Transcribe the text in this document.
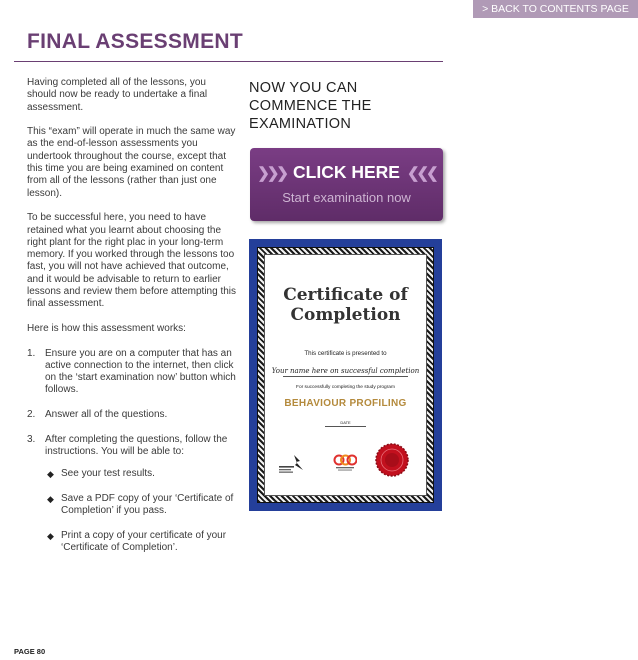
> BACK TO CONTENTS PAGE
FINAL ASSESSMENT

Having completed all of the lessons, you should now be ready to undertake a final assessment.

This “exam” will operate in much the same way as the end-of-lesson assessments you undertook throughout the course, except that this time you are being examined on content from all of the lessons (rather than just one lesson).

To be successful here, you need to have retained what you learnt about choosing the right plant for the right plac in your long-term memory. If you worked through the lessons too fast, you will not have achieved that outcome, and it would be advisable to return to earlier lessons and review them before attempting this final assessment.

Here is how this assessment works:

1. Ensure you are on a computer that has an active connection to the internet, then click on the ‘start examination now’ button which follows.
2. Answer all of the questions.
3. After completing the questions, follow the instructions. You will be able to:
◆ See your test results.
◆ Save a PDF copy of your ‘Certificate of Completion’ if you pass.
◆ Print a copy of your certificate of your ‘Certificate of Completion’.
NOW YOU CAN COMMENCE THE EXAMINATION
❯❯❯ CLICK HERE ❮❮❮
Start examination now
Certificate of
Completion
This certificate is presented to
Your name here on successful completion
For successfully completing the study program
BEHAVIOUR PROFILING
DATE
PAGE 80
